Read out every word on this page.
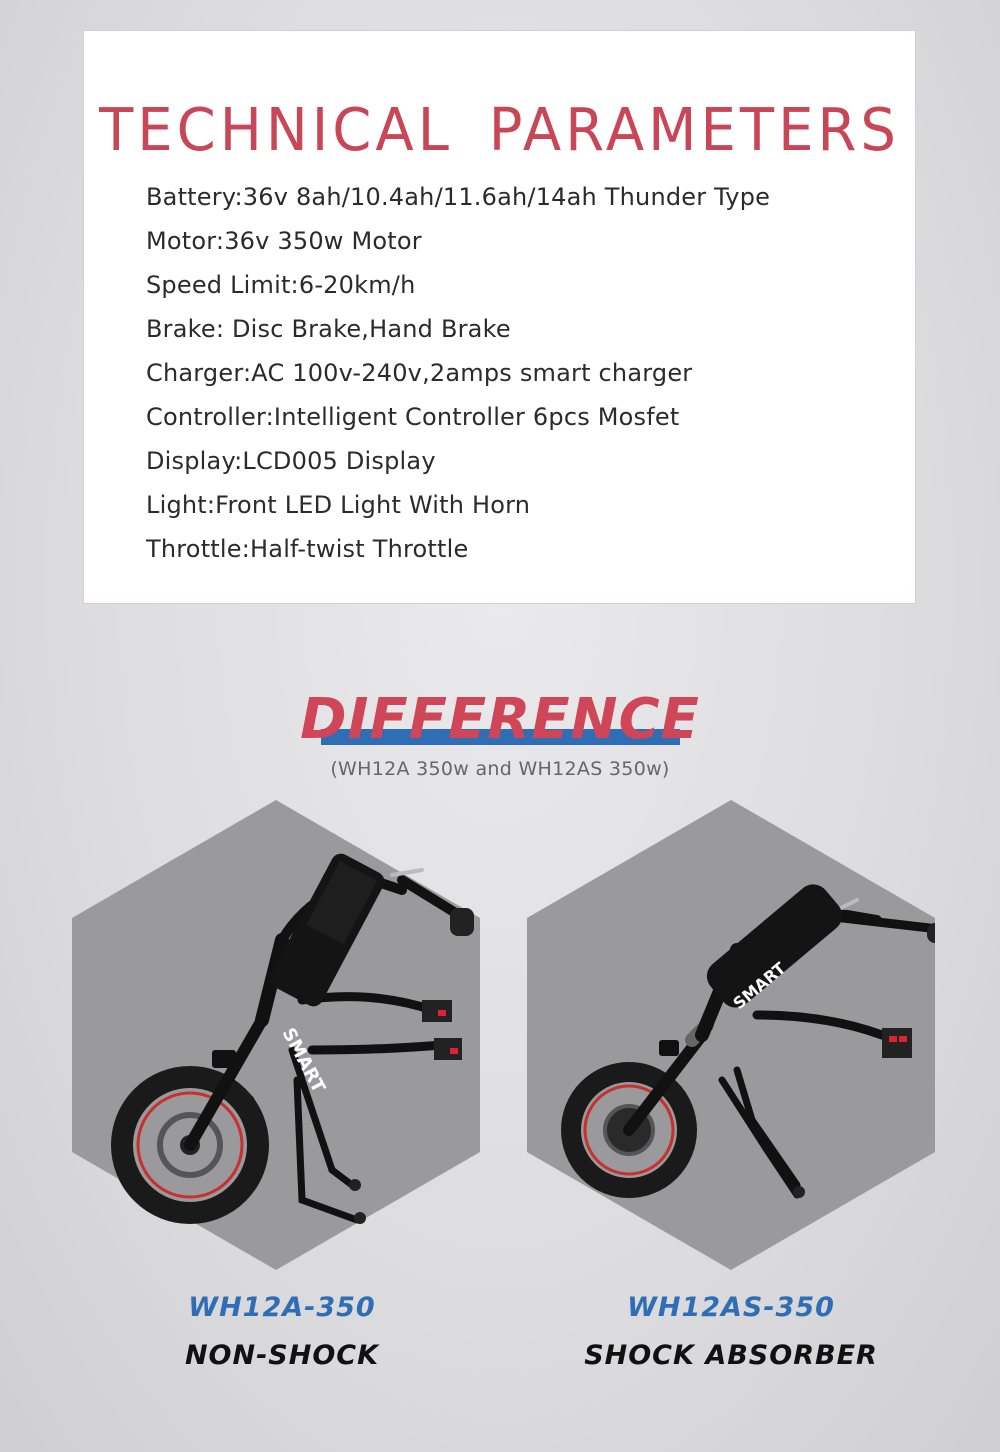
TECHNICAL PARAMETERS
Battery:36v 8ah/10.4ah/11.6ah/14ah Thunder Type
Motor:36v 350w Motor
Speed Limit:6-20km/h
Brake: Disc Brake,Hand Brake
Charger:AC 100v-240v,2amps smart charger
Controller:Intelligent Controller 6pcs Mosfet
Display:LCD005 Display
Light:Front LED Light With Horn
Throttle:Half-twist Throttle
DIFFERENCE
(WH12A 350w and WH12AS 350w)
SMART
WH12A-350
NON-SHOCK
SMART
WH12AS-350
SHOCK ABSORBER
